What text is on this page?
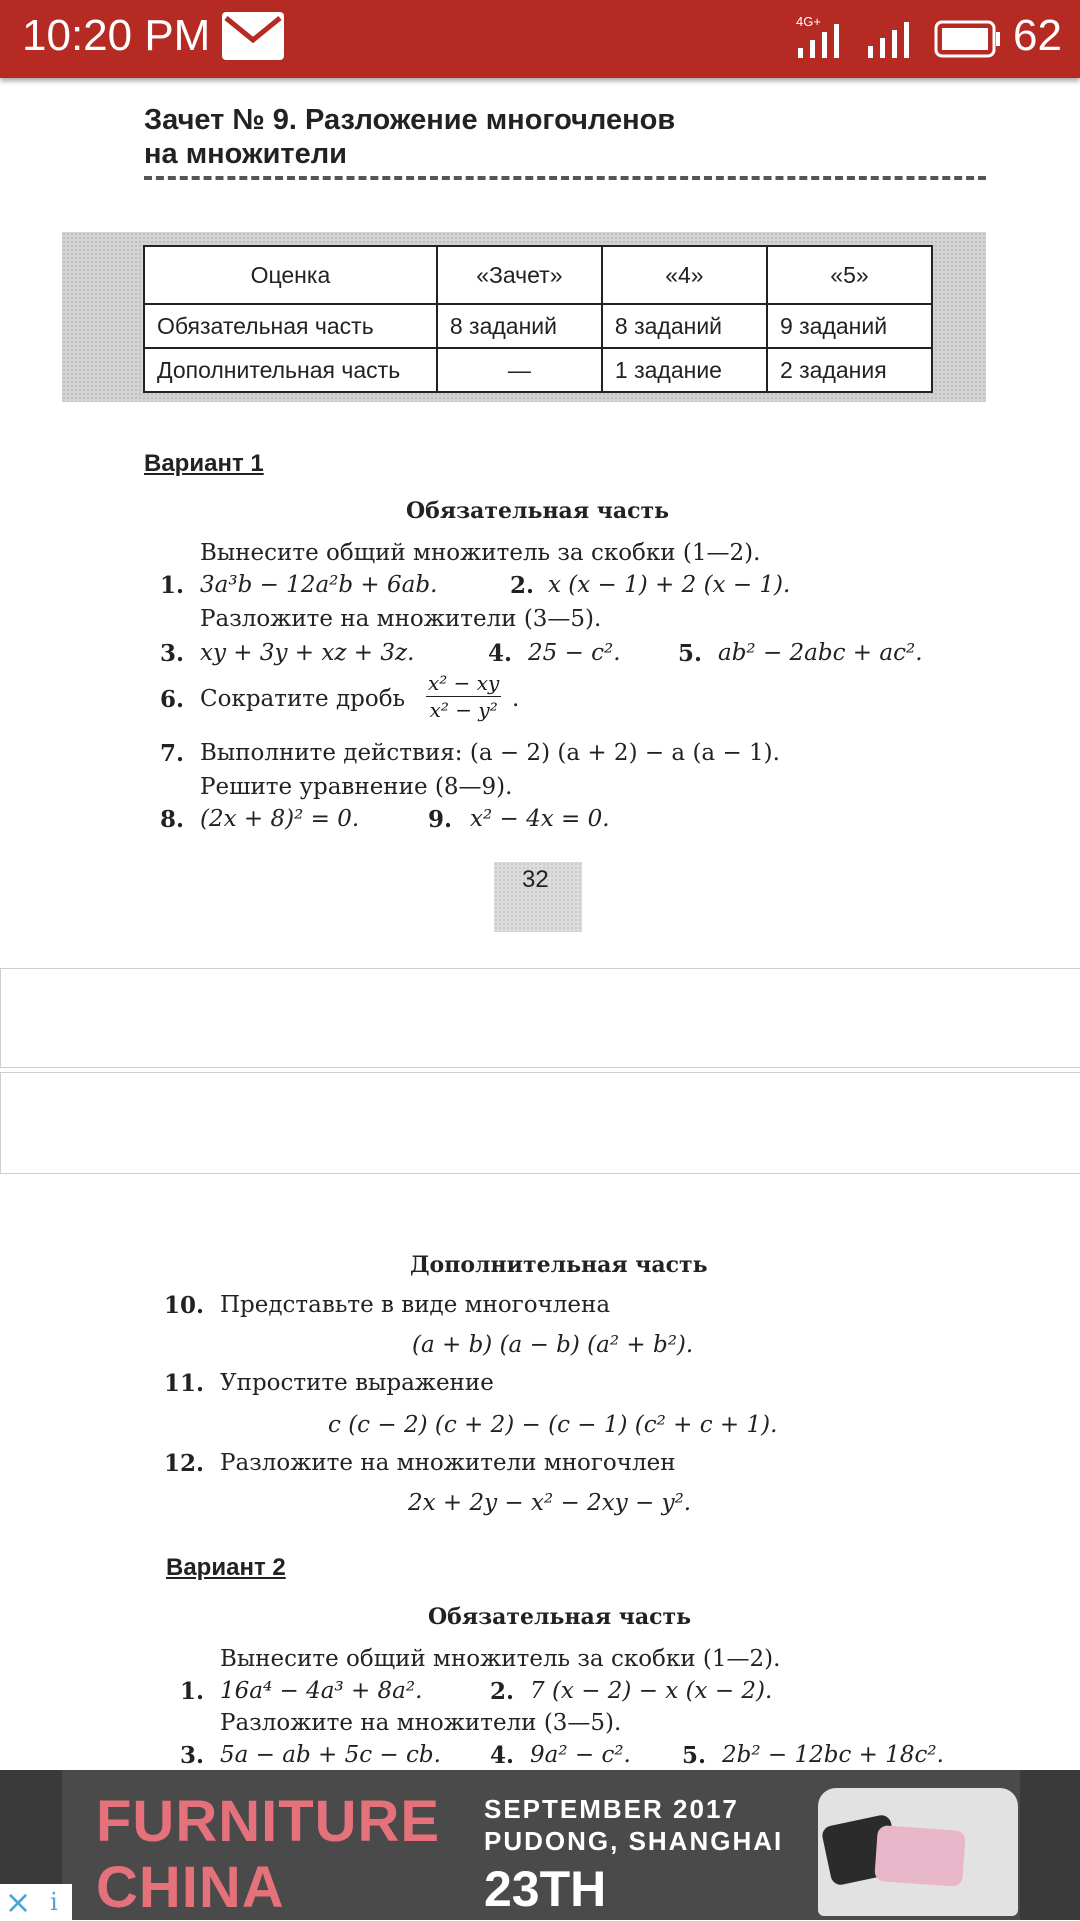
10:20 PM	4G+	62
Зачет № 9. Разложение многочленов
на множители
Оценка	«Зачет»	«4»	«5»
Обязательная часть	8 заданий	8 заданий	9 заданий
Дополнительная часть	—	1 задание	2 задания
Вариант 1
Обязательная часть
Вынесите общий множитель за скобки (1—2).
1. 3a³b − 12a²b + 6ab.	2. x (x − 1) + 2 (x − 1).
Разложите на множители (3—5).
3. xy + 3y + xz + 3z.	4. 25 − c². 5. ab² − 2abc + ac².
6. Сократите дробь $\frac{\text{x² − xy}}{\text{x² − y²}}$ .
7. Выполните действия: (a − 2) (a + 2) − a (a − 1).
Решите уравнение (8—9).
8. (2x + 8)² = 0.	9. x² − 4x = 0.
32
Дополнительная часть
10. Представьте в виде многочлена
(a + b) (a − b) (a² + b²).
11. Упростите выражение
c (c − 2) (c + 2) − (c − 1) (c² + c + 1).
12. Разложите на множители многочлен
2x + 2y − x² − 2xy − y².
Вариант 2
Обязательная часть
Вынесите общий множитель за скобки (1—2).
1. 16a⁴ − 4a³ + 8a².	2. 7 (x − 2) − x (x − 2).
Разложите на множители (3—5).
3. 5a − ab + 5c − cb. 4. 9a² − c². 5. 2b² − 12bc + 18c².
FURNITURE
CHINA
SEPTEMBER 2017
PUDONG, SHANGHAI
23TH
× i
